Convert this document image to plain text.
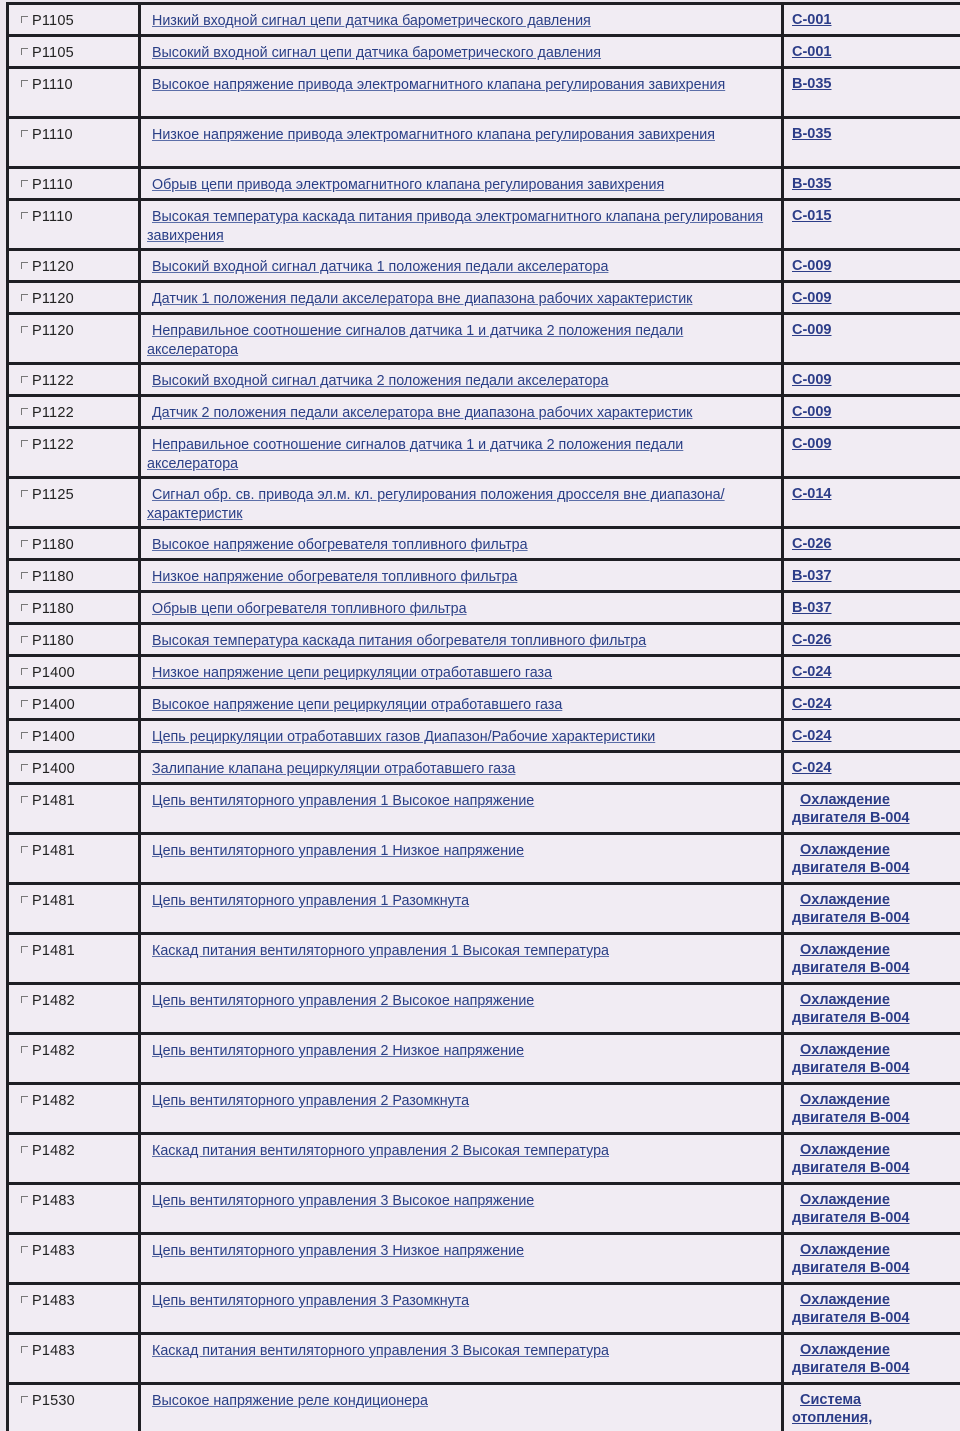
P1105	Низкий входной сигнал цепи датчика барометрического давления	С-001
P1105	Высокий входной сигнал цепи датчика барометрического давления	С-001
P1110	Высокое напряжение привода электромагнитного клапана регулирования завихрения	В-035
P1110	Низкое напряжение привода электромагнитного клапана регулирования завихрения	В-035
P1110	Обрыв цепи привода электромагнитного клапана регулирования завихрения	В-035
P1110	Высокая температура каскада питания привода электромагнитного клапана регулирования завихрения	С-015
P1120	Высокий входной сигнал датчика 1 положения педали акселератора	С-009
P1120	Датчик 1 положения педали акселератора вне диапазона рабочих характеристик	С-009
P1120	Неправильное соотношение сигналов датчика 1 и датчика 2 положения педали акселератора	С-009
P1122	Высокий входной сигнал датчика 2 положения педали акселератора	С-009
P1122	Датчик 2 положения педали акселератора вне диапазона рабочих характеристик	С-009
P1122	Неправильное соотношение сигналов датчика 1 и датчика 2 положения педали акселератора	С-009
P1125	Сигнал обр. св. привода эл.м. кл. регулирования положения дросселя вне диапазона/характеристик	С-014
P1180	Высокое напряжение обогревателя топливного фильтра	С-026
P1180	Низкое напряжение обогревателя топливного фильтра	В-037
P1180	Обрыв цепи обогревателя топливного фильтра	В-037
P1180	Высокая температура каскада питания обогревателя топливного фильтра	С-026
P1400	Низкое напряжение цепи рециркуляции отработавшего газа	С-024
P1400	Высокое напряжение цепи рециркуляции отработавшего газа	С-024
P1400	Цепь рециркуляции отработавших газов Диапазон/Рабочие характеристики	С-024
P1400	Залипание клапана рециркуляции отработавшего газа	С-024
P1481	Цепь вентиляторного управления 1 Высокое напряжение	Охлаждение
двигателя В-004

P1481	Цепь вентиляторного управления 1 Низкое напряжение	Охлаждение
двигателя В-004

P1481	Цепь вентиляторного управления 1 Разомкнута	Охлаждение
двигателя В-004

P1481	Каскад питания вентиляторного управления 1 Высокая температура	Охлаждение
двигателя В-004

P1482	Цепь вентиляторного управления 2 Высокое напряжение	Охлаждение
двигателя В-004

P1482	Цепь вентиляторного управления 2 Низкое напряжение	Охлаждение
двигателя В-004

P1482	Цепь вентиляторного управления 2 Разомкнута	Охлаждение
двигателя В-004

P1482	Каскад питания вентиляторного управления 2 Высокая температура	Охлаждение
двигателя В-004

P1483	Цепь вентиляторного управления 3 Высокое напряжение	Охлаждение
двигателя В-004

P1483	Цепь вентиляторного управления 3 Низкое напряжение	Охлаждение
двигателя В-004

P1483	Цепь вентиляторного управления 3 Разомкнута	Охлаждение
двигателя В-004

P1483	Каскад питания вентиляторного управления 3 Высокая температура	Охлаждение
двигателя В-004

P1530	Высокое напряжение реле кондиционера	Система
отопления,
